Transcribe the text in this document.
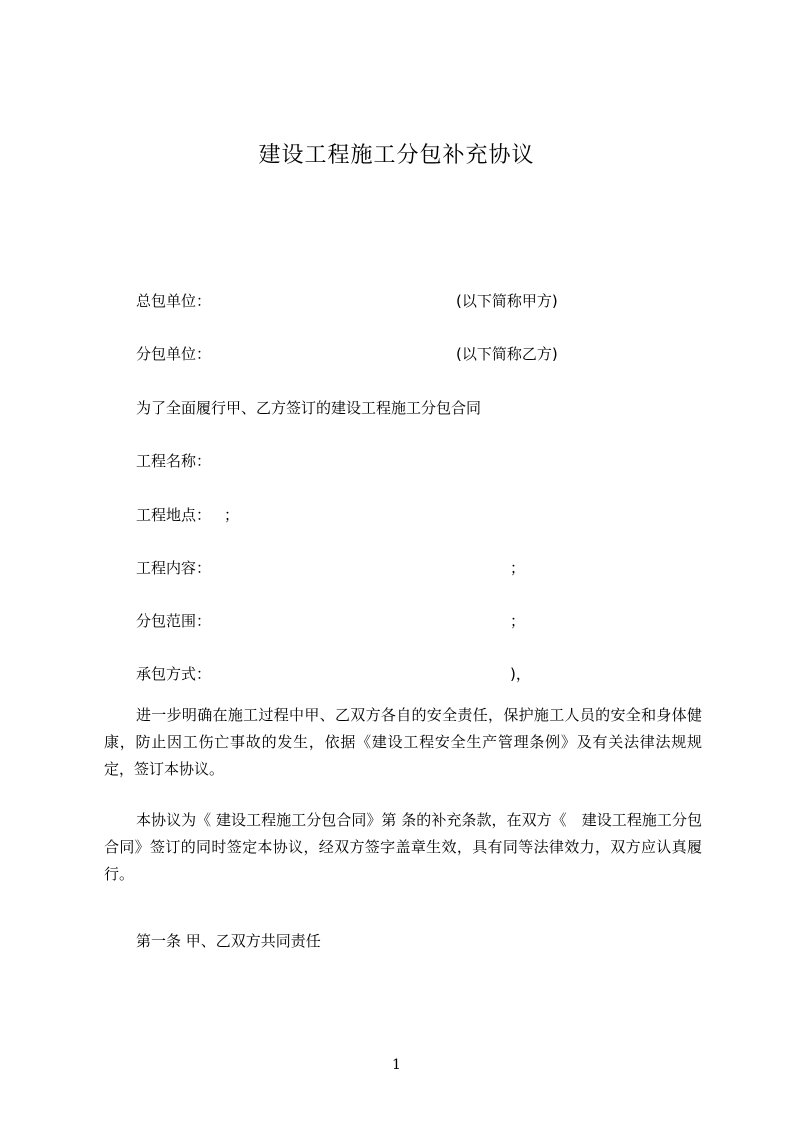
建设工程施工分包补充协议
总包单位：	(以下简称甲方)
分包单位：	(以下简称乙方)
为了全面履行甲、乙方签订的建设工程施工分包合同
工程名称：
工程地点： ；
工程内容：	；
分包范围：	；
承包方式：	)，

进一步明确在施工过程中甲、乙双方各自的安全责任，保护施工人员的安全和身体健康，防止因工伤亡事故的发生，依据《建设工程安全生产管理条例》及有关法律法规规定，签订本协议。

本协议为《 建设工程施工分包合同》第 条的补充条款，在双方《　建设工程施工分包合同》签订的同时签定本协议，经双方签字盖章生效，具有同等法律效力，双方应认真履行。

第一条 甲、乙双方共同责任
1
